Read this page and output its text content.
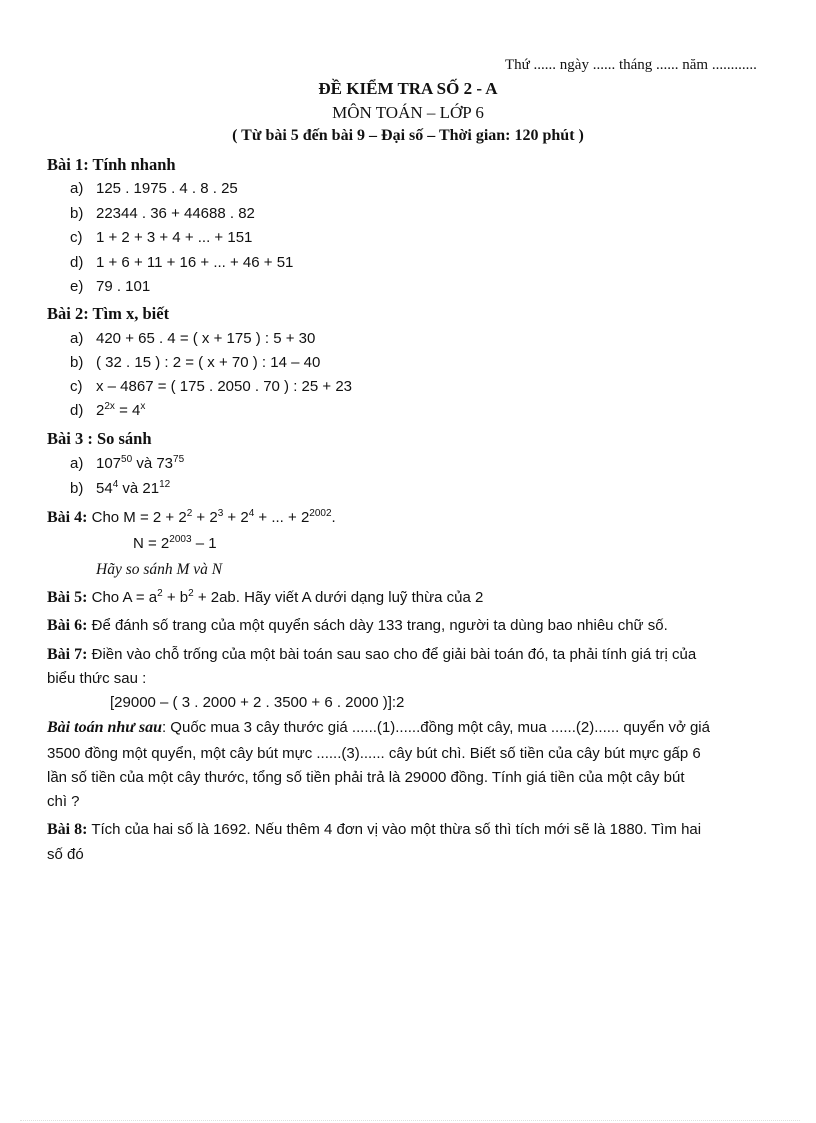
Thứ ...... ngày ...... tháng ...... năm ............
ĐỀ KIỂM TRA SỐ 2 - A
MÔN TOÁN – LỚP 6
( Từ bài 5 đến bài 9 – Đại số – Thời gian: 120 phút )
Bài 1: Tính nhanh
a) 125 . 1975 . 4 . 8 . 25
b) 22344 . 36 + 44688 . 82
c) 1 + 2 + 3 + 4 + ... + 151
d) 1 + 6 + 11 + 16 + ... + 46 + 51
e) 79 . 101
Bài 2: Tìm x, biết
a) 420 + 65 . 4 = ( x + 175 ) : 5 + 30
b) ( 32 . 15 ) : 2 = ( x + 70 ) : 14 – 40
c) x – 4867 = ( 175 . 2050 . 70 ) : 25 + 23
d) $2^{2x} = 4^x$
Bài 3 : So sánh
a) $107^{50}$ và $73^{75}$
b) $54^4$ và $21^{12}$
Bài 4: Cho $M = 2 + 2^2 + 2^3 + 2^4$ + ... + $2^{2002}$.
$N = 2^{2003} - 1$
Hãy so sánh M và N
Bài 5: Cho $A = a^2 + b^2 + 2ab$. Hãy viết A dưới dạng luỹ thừa của 2
Bài 6: Để đánh số trang của một quyển sách dày 133 trang, người ta dùng bao nhiêu chữ số.
Bài 7: Điền vào chỗ trống của một bài toán sau sao cho để giải bài toán đó, ta phải tính giá trị của
biểu thức sau :
[29000 – ( 3 . 2000 + 2 . 3500 + 6 . 2000 )]:2
Bài toán như sau: Quốc mua 3 cây thước giá ......(1)......đồng một cây, mua ......(2)...... quyển vở giá
3500 đồng một quyển, một cây bút mực ......(3)...... cây bút chì. Biết số tiền của cây bút mực gấp 6
lần số tiền của một cây thước, tổng số tiền phải trả là 29000 đồng. Tính giá tiền của một cây bút
chì ?
Bài 8: Tích của hai số là 1692. Nếu thêm 4 đơn vị vào một thừa số thì tích mới sẽ là 1880. Tìm hai
số đó
